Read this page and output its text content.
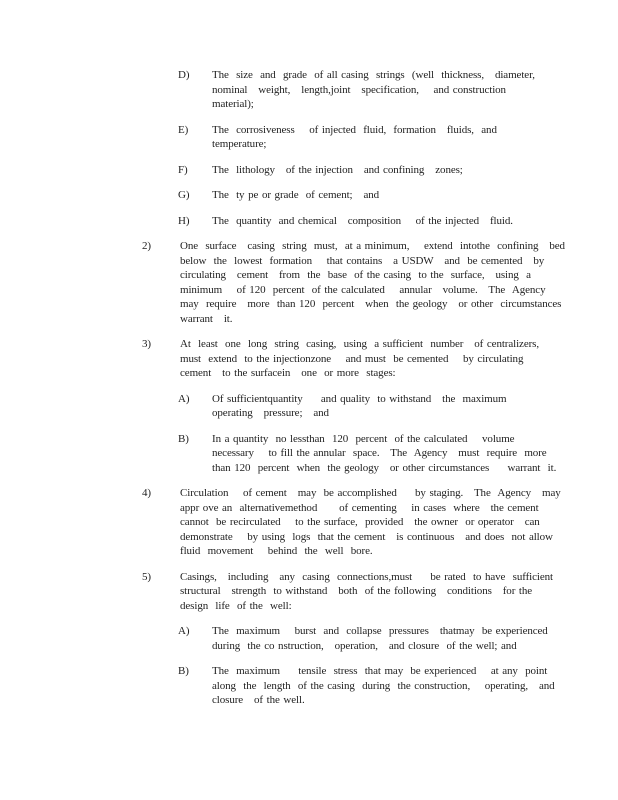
D)	The  size  and  grade  of all casing  strings  (well  thickness,   diameter,
nominal   weight,   length,joint   specification,    and construction
material);
E)	The  corrosiveness    of injected  fluid,  formation   fluids,  and
temperature;
F)	The  lithology   of the injection   and confining   zones;
G)	The  ty pe or grade  of cement;   and
H)	The  quantity  and chemical   composition    of the injected   fluid.
2)	One  surface   casing  string  must,  at a minimum,    extend  intothe  confining   bed
below  the  lowest  formation    that contains   a USDW   and  be cemented   by
circulating   cement   from  the  base  of the casing  to the  surface,   using  a
minimum    of 120  percent  of the calculated    annular   volume.   The  Agency
may  require   more  than 120  percent   when  the geology   or other  circumstances
warrant   it.
3)	At  least  one  long  string  casing,  using  a sufficient  number   of centralizers,
must  extend  to the injectionzone    and must  be cemented    by circulating
cement   to the surfacein   one  or more  stages:
A)	Of sufficientquantity     and quality  to withstand   the  maximum
operating   pressure;   and
B)	In a quantity  no lessthan  120  percent  of the calculated    volume
necessary    to fill the annular  space.   The  Agency   must  require  more
than 120  percent  when  the geology   or other circumstances     warrant  it.
4)	Circulation    of cement   may  be accomplished     by staging.   The  Agency   may
appr ove an  alternativemethod      of cementing    in cases  where   the cement
cannot  be recirculated    to the surface,  provided   the owner  or operator   can
demonstrate    by using  logs  that the cement   is continuous   and does  not allow
fluid  movement    behind  the  well  bore.
5)	Casings,   including   any  casing  connections,must     be rated  to have  sufficient
structural   strength  to withstand   both  of the following   conditions   for the
design  life  of the  well:
A)	The  maximum    burst  and  collapse  pressures   thatmay  be experienced
during  the co nstruction,   operation,   and closure  of the well; and
B)	The  maximum     tensile  stress  that may  be experienced    at any  point
along  the  length  of the casing  during  the construction,    operating,   and
closure   of the well.
